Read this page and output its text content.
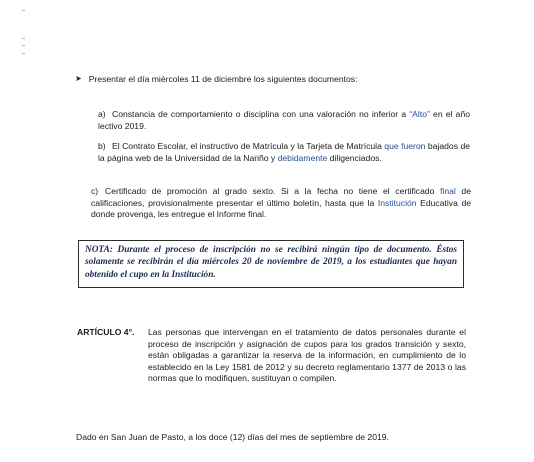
➤ Presentar el día miércoles 11 de diciembre los siguientes documentos:
a) Constancia de comportamiento o disciplina con una valoración no inferior a “Alto” en el año lectivo 2019.
b) El Contrato Escolar, el instructivo de Matrícula y la Tarjeta de Matrícula que fueron bajados de la página web de la Universidad de la Nariño y debidamente diligenciados.
c) Certificado de promoción al grado sexto. Si a la fecha no tiene el certificado final de calificaciones, provisionalmente presentar el último boletín, hasta que la Institución Educativa de donde provenga, les entregue el Informe final.
NOTA: Durante el proceso de inscripción no se recibirá ningún tipo de documento. Éstos solamente se recibirán el día miércoles 20 de noviembre de 2019, a los estudiantes que hayan obtenido el cupo en la Institución.
ARTÍCULO 4°. Las personas que intervengan en el tratamiento de datos personales durante el proceso de inscripción y asignación de cupos para los grados transición y sexto, están obligadas a garantizar la reserva de la información, en cumplimiento de lo establecido en la Ley 1581 de 2012 y su decreto reglamentario 1377 de 2013 o las normas que lo modifiquen, sustituyan o compilen.
Dado en San Juan de Pasto, a los doce (12) días del mes de septiembre de 2019.
